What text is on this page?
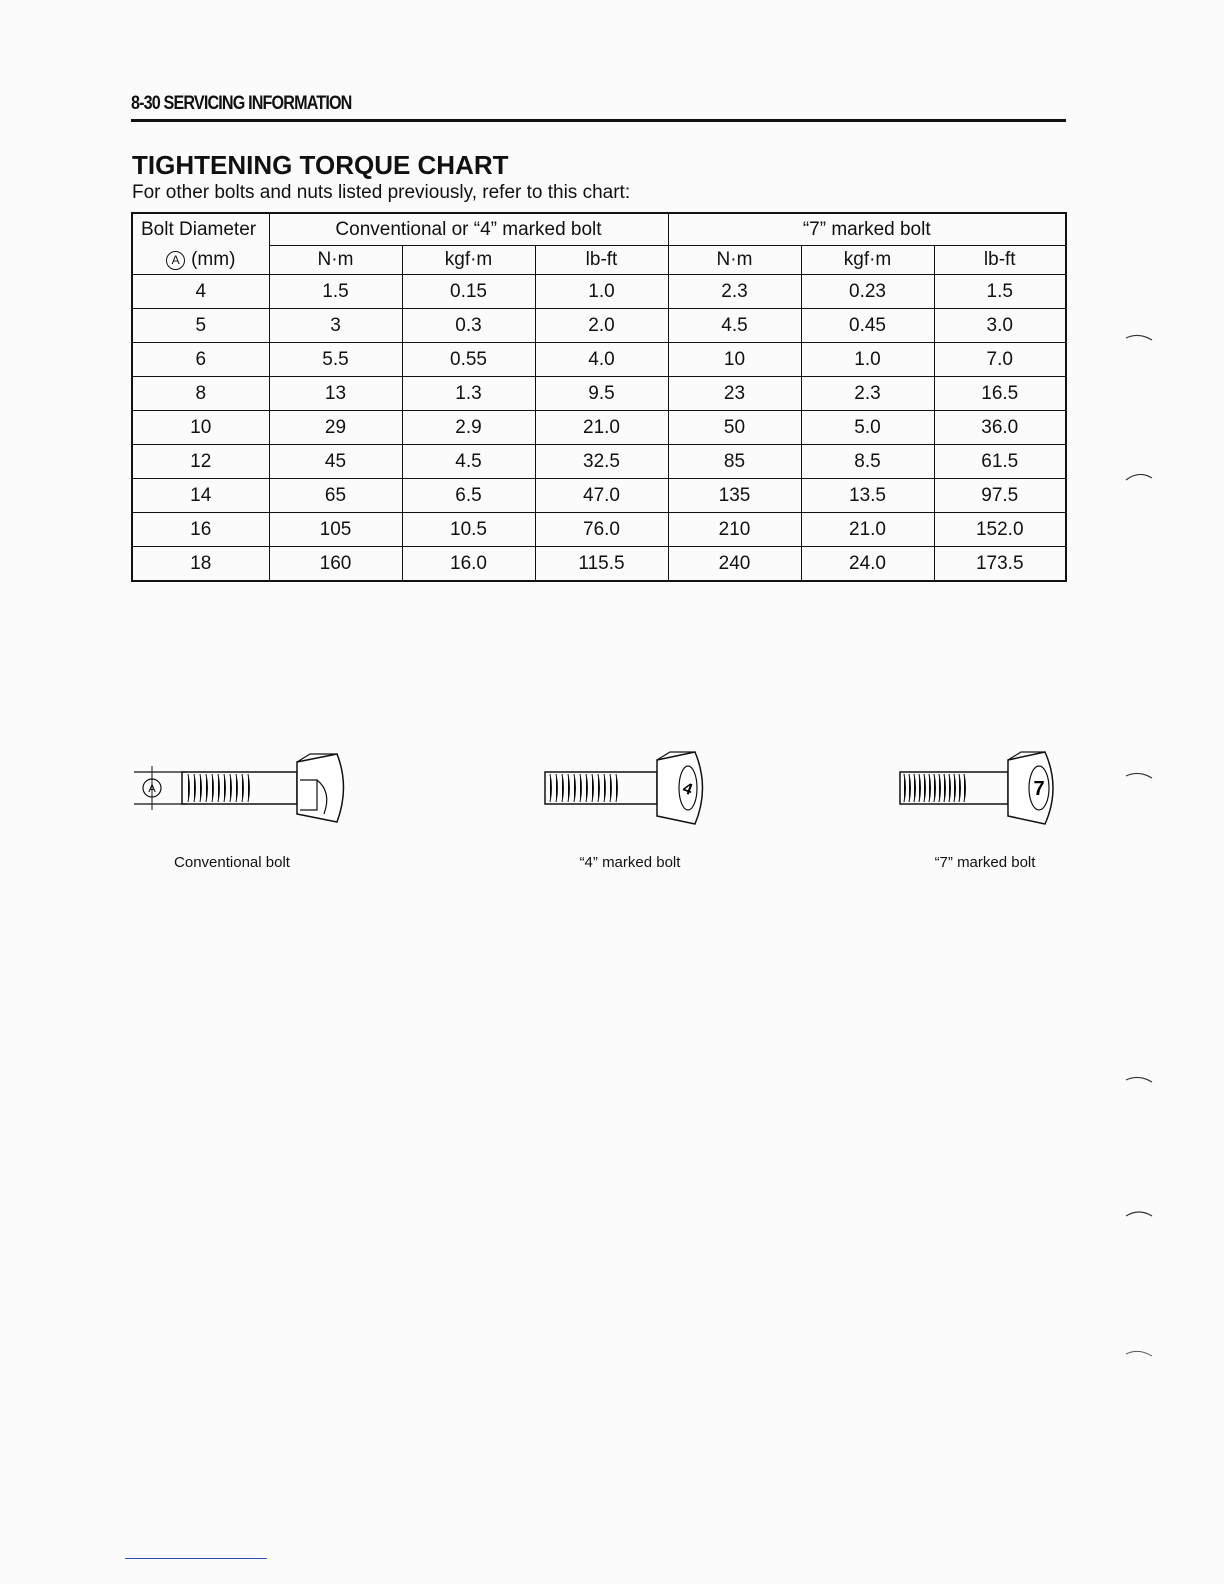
8-30 SERVICING INFORMATION
TIGHTENING TORQUE CHART

For other bolts and nuts listed previously, refer to this chart:

Bolt Diameter	Conventional or “4” marked bolt			“7” marked bolt		
A (mm)	N·m	kgf·m	lb-ft	N·m	kgf·m	lb-ft
4	1.5	0.15	1.0	2.3	0.23	1.5
5	3	0.3	2.0	4.5	0.45	3.0
6	5.5	0.55	4.0	10	1.0	7.0
8	13	1.3	9.5	23	2.3	16.5
10	29	2.9	21.0	50	5.0	36.0
12	45	4.5	32.5	85	8.5	61.5
14	65	6.5	47.0	135	13.5	97.5
16	105	10.5	76.0	210	21.0	152.0
18	160	16.0	115.5	240	24.0	173.5
A
Conventional bolt
4
“4” marked bolt
7
“7” marked bolt
